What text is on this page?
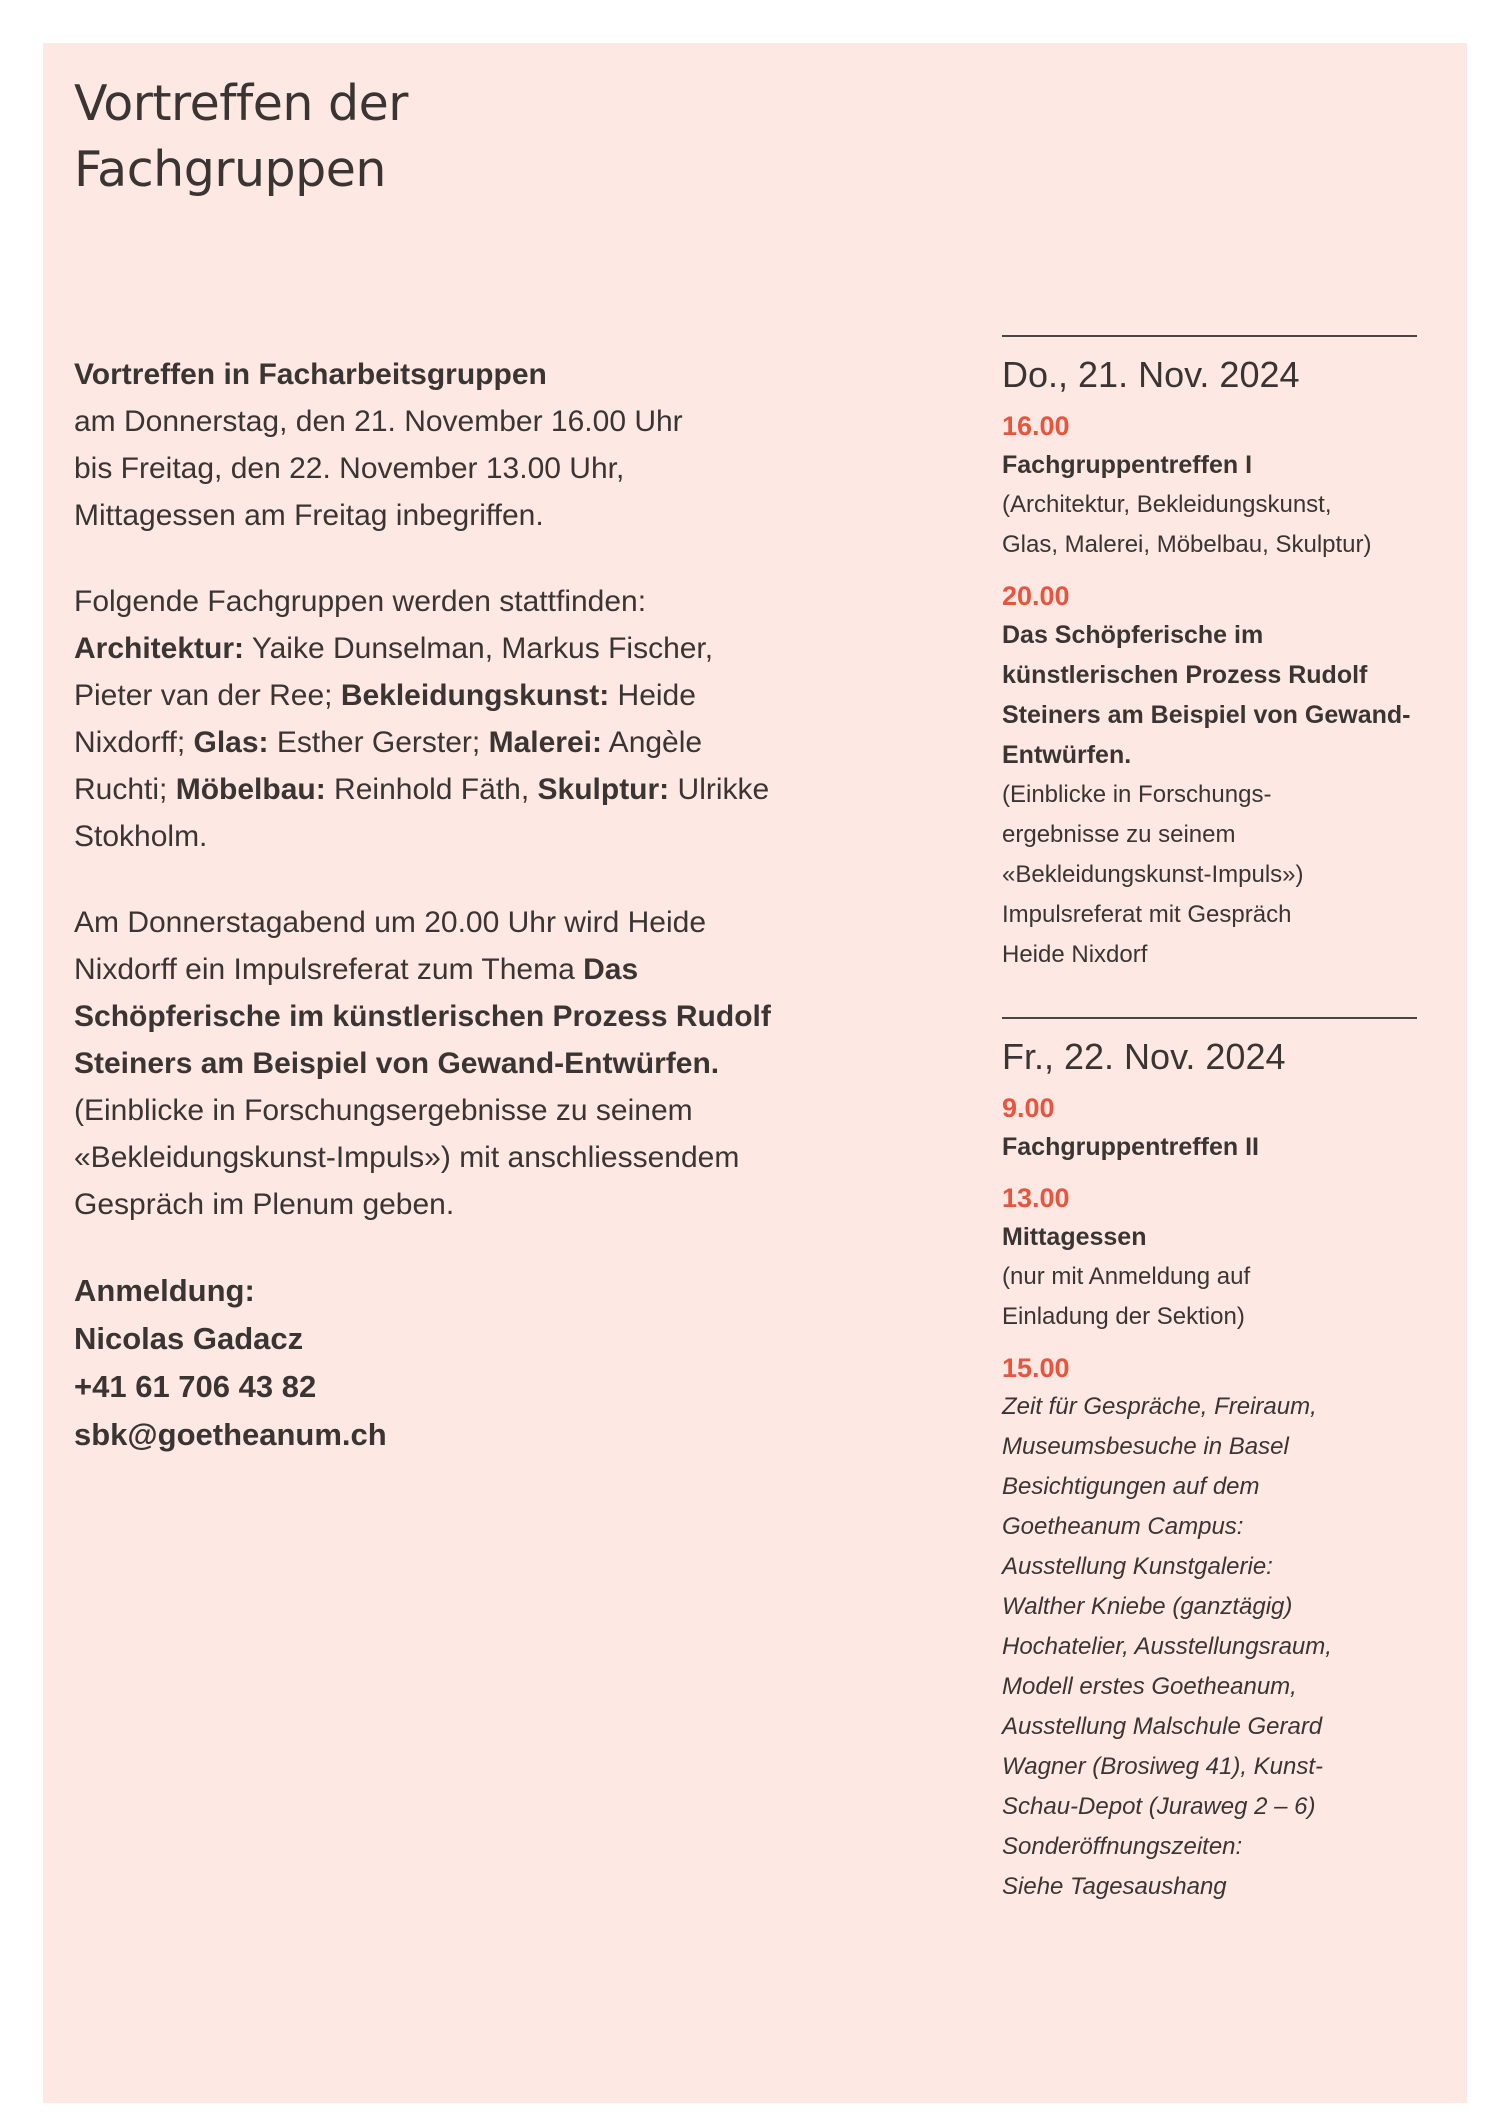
Vortreffen der
Fachgruppen

Vortreffen in Facharbeitsgruppen
am Donnerstag, den 21. November 16.00 Uhr
bis Freitag, den 22. November 13.00 Uhr,
Mittagessen am Freitag inbegriffen.

Folgende Fachgruppen werden stattfinden:
Architektur: Yaike Dunselman, Markus Fischer, Pieter van der Ree; Bekleidungskunst: Heide Nixdorff; Glas: Esther Gerster; Malerei: Angèle Ruchti; Möbelbau: Reinhold Fäth, Skulptur: Ulrikke Stokholm.

Am Donnerstagabend um 20.00 Uhr wird Heide Nixdorff ein Impulsreferat zum Thema Das Schöpferische im künstlerischen Prozess Rudolf Steiners am Beispiel von Gewand-Entwürfen. (Einblicke in Forschungsergebnisse zu seinem «Bekleidungskunst-Impuls») mit anschliessendem Gespräch im Plenum geben.

Anmeldung:
Nicolas Gadacz
+41 61 706 43 82
sbk@goetheanum.ch

Do., 21. Nov. 2024
16.00
Fachgruppentreffen I
(Architektur, Bekleidungskunst,
Glas, Malerei, Möbelbau, Skulptur)
20.00
Das Schöpferische im künstlerischen Prozess Rudolf Steiners am Beispiel von Gewand-Entwürfen.
(Einblicke in Forschungs-
ergebnisse zu seinem
«Bekleidungskunst-Impuls»)
Impulsreferat mit Gespräch
Heide Nixdorf
Fr., 22. Nov. 2024
9.00
Fachgruppentreffen II
13.00
Mittagessen
(nur mit Anmeldung auf
Einladung der Sektion)
15.00
Zeit für Gespräche, Freiraum,
Museumsbesuche in Basel
Besichtigungen auf dem
Goetheanum Campus:
Ausstellung Kunstgalerie:
Walther Kniebe (ganztägig)
Hochatelier, Ausstellungsraum,
Modell erstes Goetheanum,
Ausstellung Malschule Gerard
Wagner (Brosiweg 41), Kunst-
Schau-Depot (Juraweg 2 – 6)
Sonderöffnungszeiten:
Siehe Tagesaushang
